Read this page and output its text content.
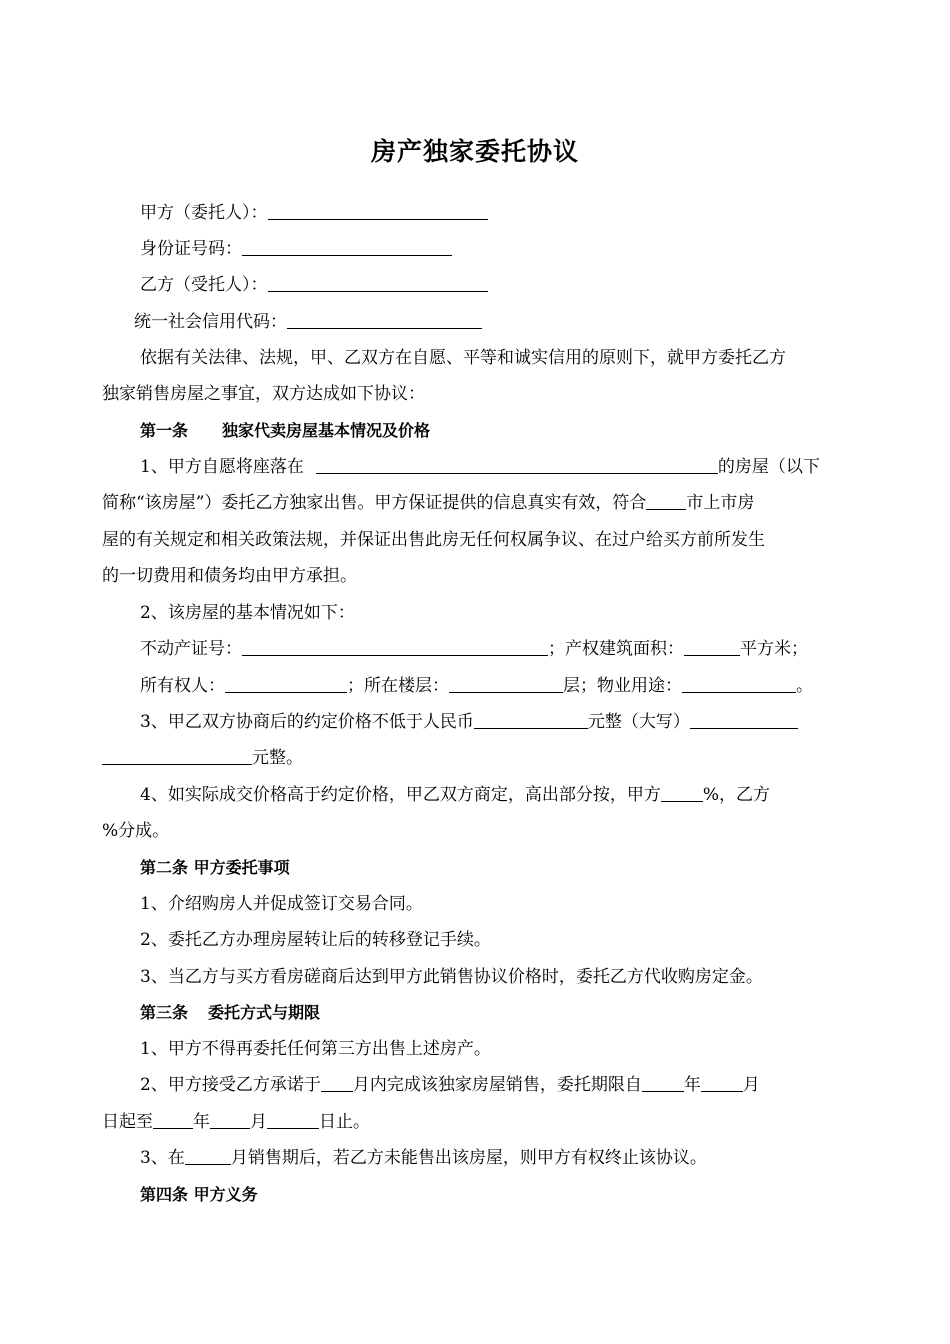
房产独家委托协议
甲方（委托人）：
身份证号码：
乙方（受托人）：
统一社会信用代码：
依据有关法律、法规，甲、乙双方在自愿、平等和诚实信用的原则下，就甲方委托乙方
独家销售房屋之事宜，双方达成如下协议：
第一条 独家代卖房屋基本情况及价格
1、甲方自愿将座落在	的房屋（以下
简称“该房屋”）委托乙方独家出售。甲方保证提供的信息真实有效，符合 市上市房
屋的有关规定和相关政策法规，并保证出售此房无任何权属争议、在过户给买方前所发生
的一切费用和债务均由甲方承担。
2、该房屋的基本情况如下：
不动产证号：	；产权建筑面积：	平方米；
所有权人：	；所在楼层：	层；物业用途：	。
3、甲乙双方协商后的约定价格不低于人民币	元整（大写）
元整。
4、如实际成交价格高于约定价格，甲乙双方商定，高出部分按，甲方 %，乙方
%分成。
第二条 甲方委托事项
1、介绍购房人并促成签订交易合同。
2、委托乙方办理房屋转让后的转移登记手续。
3、当乙方与买方看房磋商后达到甲方此销售协议价格时，委托乙方代收购房定金。
第三条 委托方式与期限
1、甲方不得再委托任何第三方出售上述房产。
2、甲方接受乙方承诺于 月内完成该独家房屋销售，委托期限自 年 月
日起至 年 月	日止。
3、在	月销售期后，若乙方未能售出该房屋，则甲方有权终止该协议。
第四条 甲方义务
